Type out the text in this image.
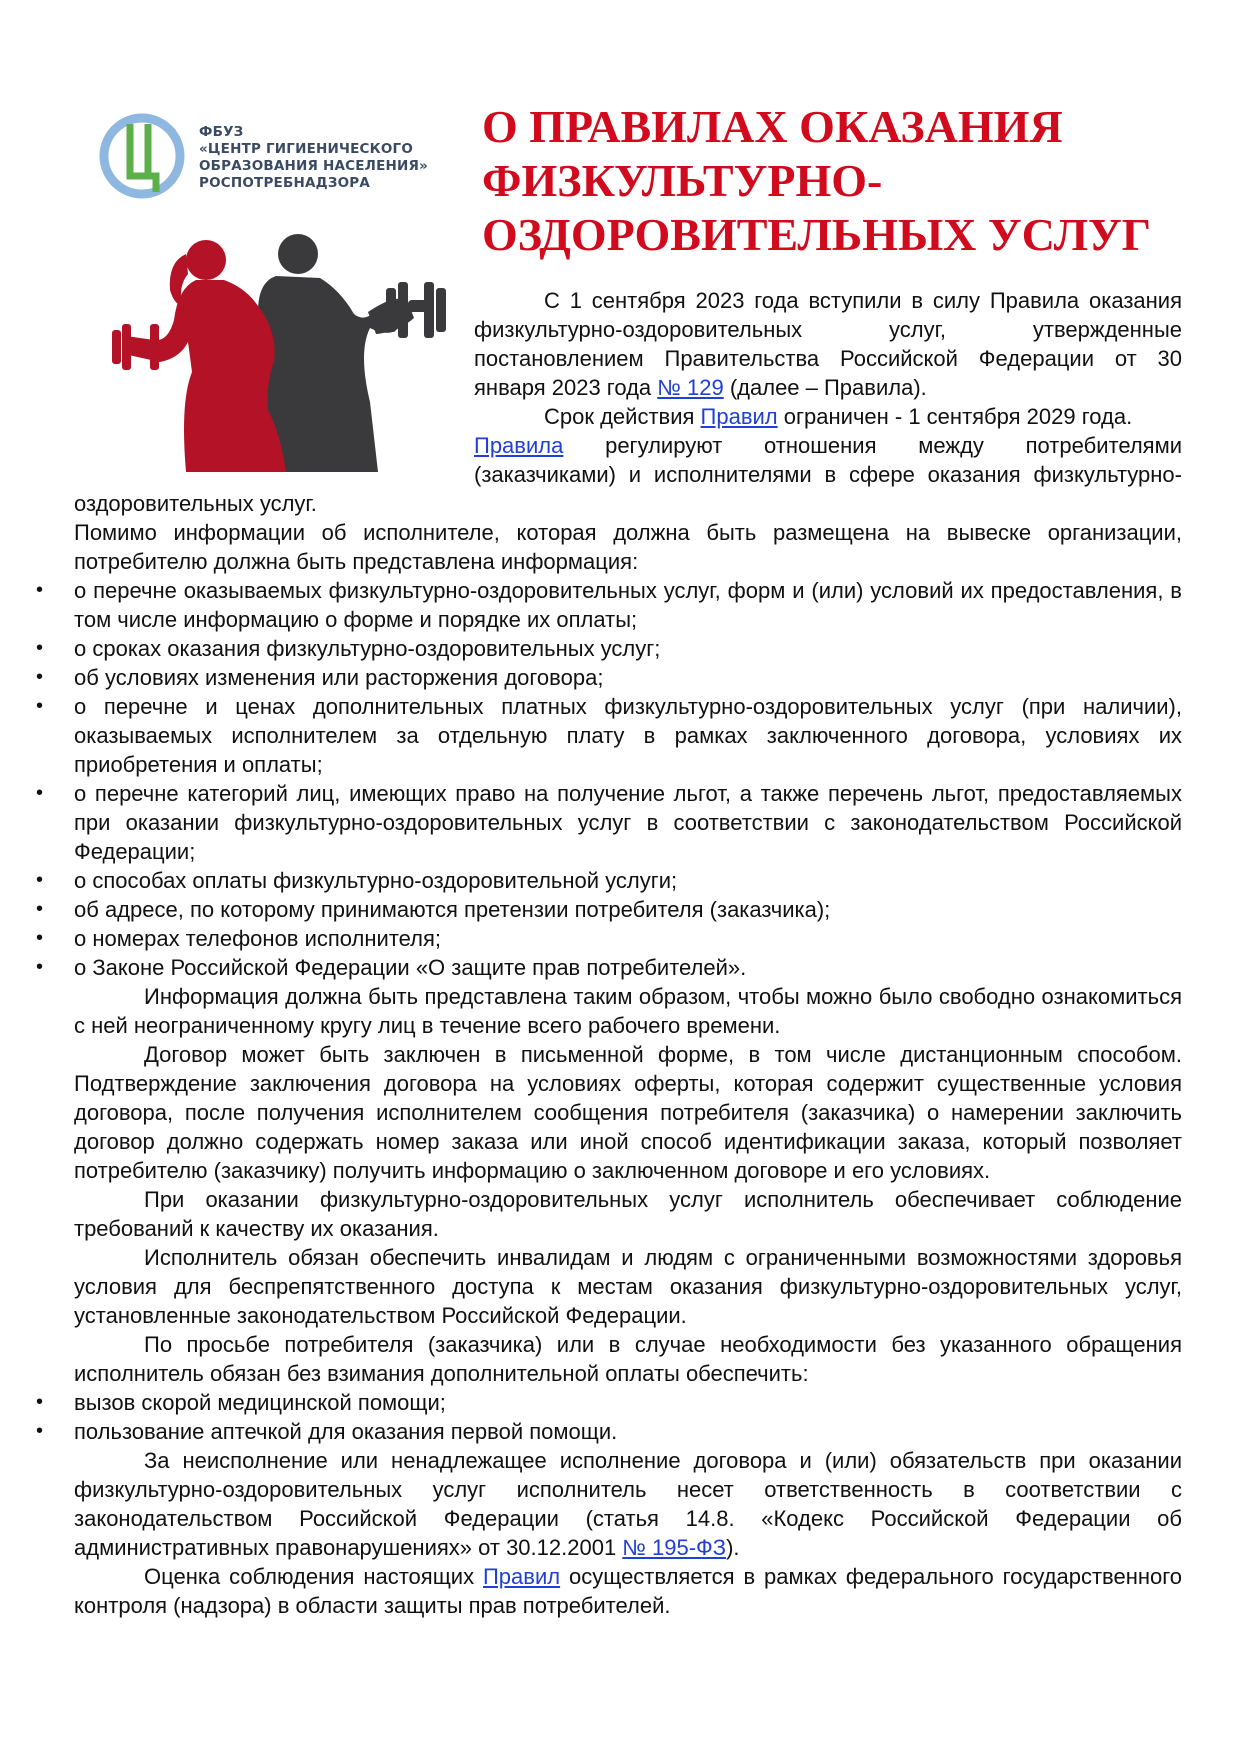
ФБУЗ
«ЦЕНТР ГИГИЕНИЧЕСКОГО
ОБРАЗОВАНИЯ НАСЕЛЕНИЯ»
РОСПОТРЕБНАДЗОРА
О ПРАВИЛАХ ОКАЗАНИЯ
ФИЗКУЛЬТУРНО-
ОЗДОРОВИТЕЛЬНЫХ УСЛУГ

С 1 сентября 2023 года вступили в силу Правила оказания физкультурно-оздоровительных услуг, утвержденные постановлением Правительства Российской Федерации от 30 января 2023 года № 129 (далее – Правила).

Срок действия Правил ограничен - 1 сентября 2029 года.

Правила регулируют отношения между потребителями (заказчиками) и исполнителями в сфере оказания физкультурно-оздоровительных услуг.

Помимо информации об исполнителе, которая должна быть размещена на вывеске организации, потребителю должна быть представлена информация:

• о перечне оказываемых физкультурно-оздоровительных услуг, форм и (или) условий их предоставления, в том числе информацию о форме и порядке их оплаты;
• о сроках оказания физкультурно-оздоровительных услуг;
• об условиях изменения или расторжения договора;
• о перечне и ценах дополнительных платных физкультурно-оздоровительных услуг (при наличии), оказываемых исполнителем за отдельную плату в рамках заключенного договора, условиях их приобретения и оплаты;
• о перечне категорий лиц, имеющих право на получение льгот, а также перечень льгот, предоставляемых при оказании физкультурно-оздоровительных услуг в соответствии с законодательством Российской Федерации;
• о способах оплаты физкультурно-оздоровительной услуги;
• об адресе, по которому принимаются претензии потребителя (заказчика);
• о номерах телефонов исполнителя;
• о Законе Российской Федерации «О защите прав потребителей».

Информация должна быть представлена таким образом, чтобы можно было свободно ознакомиться с ней неограниченному кругу лиц в течение всего рабочего времени.

Договор может быть заключен в письменной форме, в том числе дистанционным способом. Подтверждение заключения договора на условиях оферты, которая содержит существенные условия договора, после получения исполнителем сообщения потребителя (заказчика) о намерении заключить договор должно содержать номер заказа или иной способ идентификации заказа, который позволяет потребителю (заказчику) получить информацию о заключенном договоре и его условиях.

При оказании физкультурно-оздоровительных услуг исполнитель обеспечивает соблюдение требований к качеству их оказания.

Исполнитель обязан обеспечить инвалидам и людям с ограниченными возможностями здоровья условия для беспрепятственного доступа к местам оказания физкультурно-оздоровительных услуг, установленные законодательством Российской Федерации.

По просьбе потребителя (заказчика) или в случае необходимости без указанного обращения исполнитель обязан без взимания дополнительной оплаты обеспечить:

• вызов скорой медицинской помощи;
• пользование аптечкой для оказания первой помощи.

За неисполнение или ненадлежащее исполнение договора и (или) обязательств при оказании физкультурно-оздоровительных услуг исполнитель несет ответственность в соответствии с законодательством Российской Федерации (статья 14.8. «Кодекс Российской Федерации об административных правонарушениях» от 30.12.2001 № 195-ФЗ).

Оценка соблюдения настоящих Правил осуществляется в рамках федерального государственного контроля (надзора) в области защиты прав потребителей.
